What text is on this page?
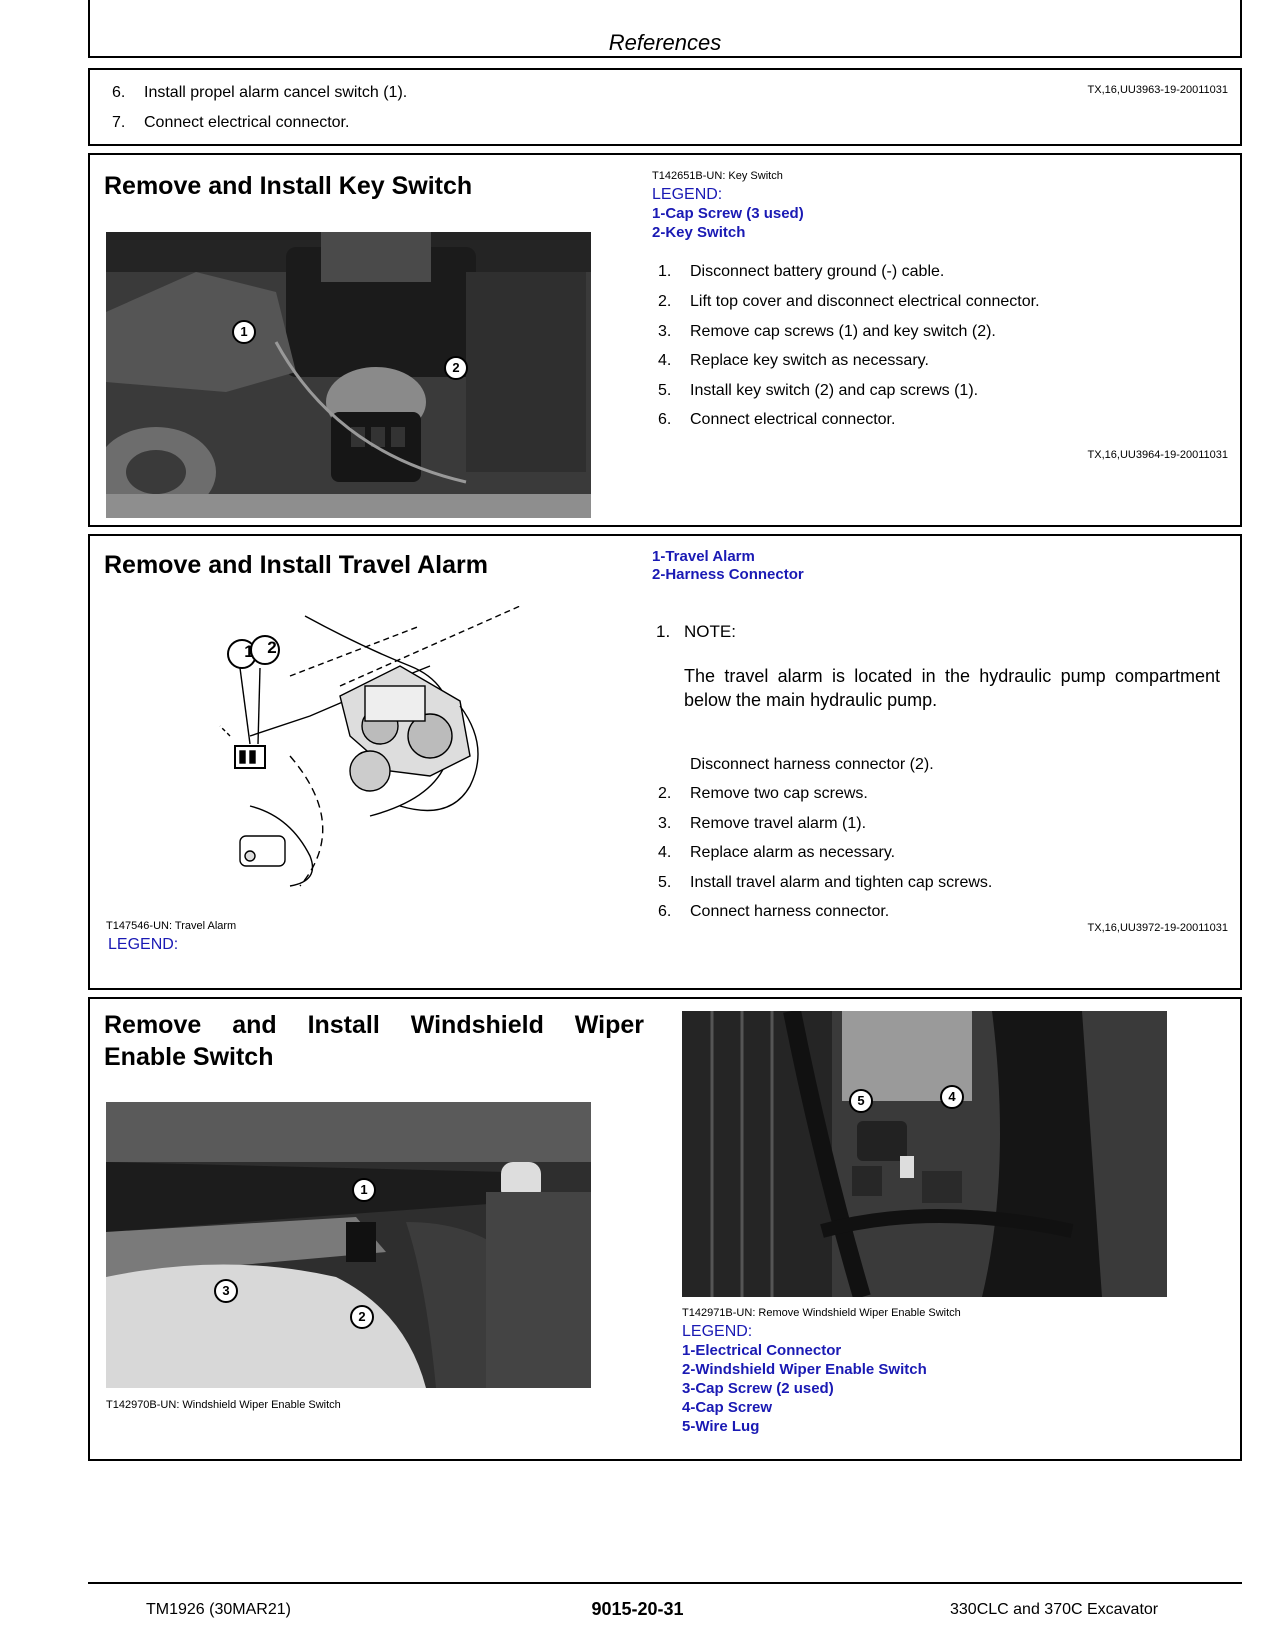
References
6. Install propel alarm cancel switch (1).
7. Connect electrical connector.
TX,16,UU3963-19-20011031
Remove and Install Key Switch
1
2
T142651B-UN: Key Switch
LEGEND:
1-Cap Screw (3 used)
2-Key Switch
1. Disconnect battery ground (-) cable.
2. Lift top cover and disconnect electrical connector.
3. Remove cap screws (1) and key switch (2).
4. Replace key switch as necessary.
5. Install key switch (2) and cap screws (1).
6. Connect electrical connector.
TX,16,UU3964-19-20011031
Remove and Install Travel Alarm
1 2
T147546-UN: Travel Alarm
LEGEND:
1-Travel Alarm
2-Harness Connector
1. NOTE:
The travel alarm is located in the hydraulic pump compartment below the main hydraulic pump.
Disconnect harness connector (2).
2. Remove two cap screws.
3. Remove travel alarm (1).
4. Replace alarm as necessary.
5. Install travel alarm and tighten cap screws.
6. Connect harness connector.
TX,16,UU3972-19-20011031
Remove and Install Windshield Wiper
Enable Switch
1
3
2
T142970B-UN: Windshield Wiper Enable Switch
5	4
T142971B-UN: Remove Windshield Wiper Enable Switch
LEGEND:
1-Electrical Connector
2-Windshield Wiper Enable Switch
3-Cap Screw (2 used)
4-Cap Screw
5-Wire Lug
TM1926 (30MAR21)	9015-20-31	330CLC and 370C Excavator
